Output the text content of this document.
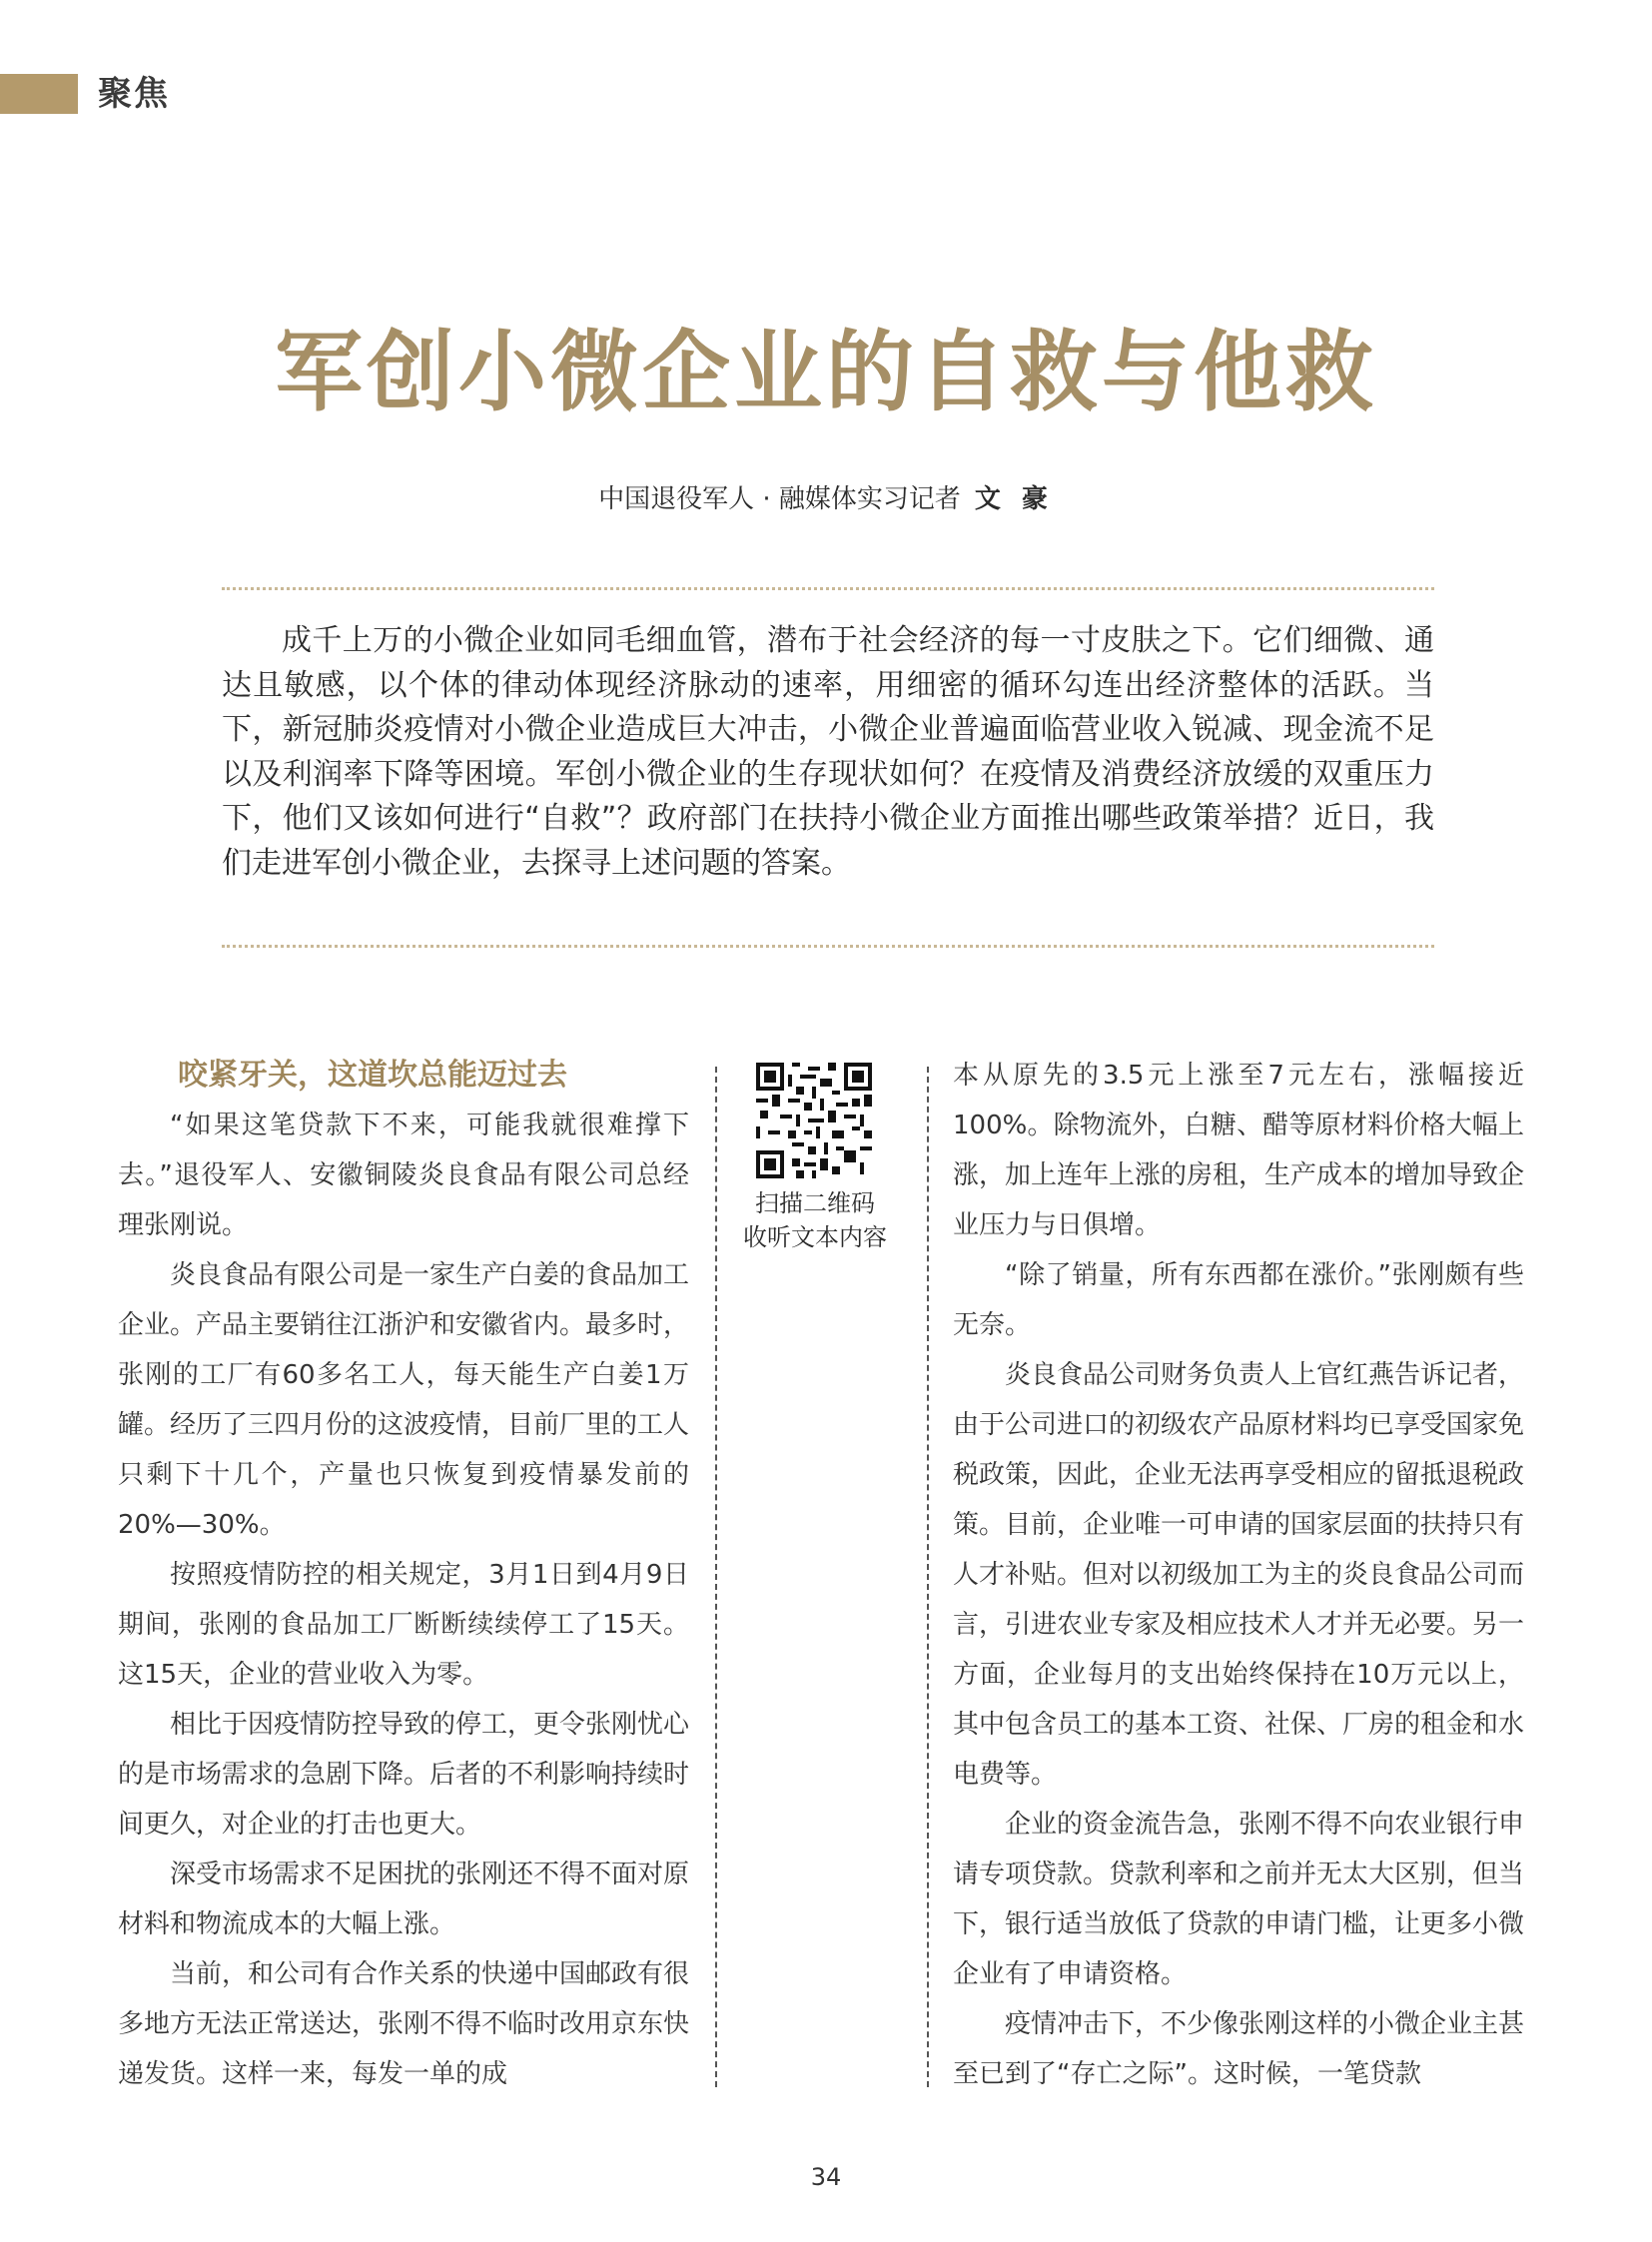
聚焦
军创小微企业的自救与他救
中国退役军人 · 融媒体实习记者 文 豪

成千上万的小微企业如同毛细血管，潜布于社会经济的每一寸皮肤之下。它们细微、通达且敏感，以个体的律动体现经济脉动的速率，用细密的循环勾连出经济整体的活跃。当下，新冠肺炎疫情对小微企业造成巨大冲击，小微企业普遍面临营业收入锐减、现金流不足以及利润率下降等困境。军创小微企业的生存现状如何？在疫情及消费经济放缓的双重压力下，他们又该如何进行“自救”？政府部门在扶持小微企业方面推出哪些政策举措？近日，我们走进军创小微企业，去探寻上述问题的答案。

咬紧牙关，这道坎总能迈过去

“如果这笔贷款下不来，可能我就很难撑下去。”退役军人、安徽铜陵炎良食品有限公司总经理张刚说。

炎良食品有限公司是一家生产白姜的食品加工企业。产品主要销往江浙沪和安徽省内。最多时，张刚的工厂有60多名工人，每天能生产白姜1万罐。经历了三四月份的这波疫情，目前厂里的工人只剩下十几个，产量也只恢复到疫情暴发前的20%—30%。

按照疫情防控的相关规定，3月1日到4月9日期间，张刚的食品加工厂断断续续停工了15天。这15天，企业的营业收入为零。

相比于因疫情防控导致的停工，更令张刚忧心的是市场需求的急剧下降。后者的不利影响持续时间更久，对企业的打击也更大。

深受市场需求不足困扰的张刚还不得不面对原材料和物流成本的大幅上涨。

当前，和公司有合作关系的快递中国邮政有很多地方无法正常送达，张刚不得不临时改用京东快递发货。这样一来，每发一单的成

扫描二维码
收听文本内容

本从原先的3.5元上涨至7元左右，涨幅接近100%。除物流外，白糖、醋等原材料价格大幅上涨，加上连年上涨的房租，生产成本的增加导致企业压力与日俱增。

“除了销量，所有东西都在涨价。”张刚颇有些无奈。

炎良食品公司财务负责人上官红燕告诉记者，由于公司进口的初级农产品原材料均已享受国家免税政策，因此，企业无法再享受相应的留抵退税政策。目前，企业唯一可申请的国家层面的扶持只有人才补贴。但对以初级加工为主的炎良食品公司而言，引进农业专家及相应技术人才并无必要。另一方面，企业每月的支出始终保持在10万元以上，其中包含员工的基本工资、社保、厂房的租金和水电费等。

企业的资金流告急，张刚不得不向农业银行申请专项贷款。贷款利率和之前并无太大区别，但当下，银行适当放低了贷款的申请门槛，让更多小微企业有了申请资格。

疫情冲击下，不少像张刚这样的小微企业主甚至已到了“存亡之际”。这时候，一笔贷款

34
